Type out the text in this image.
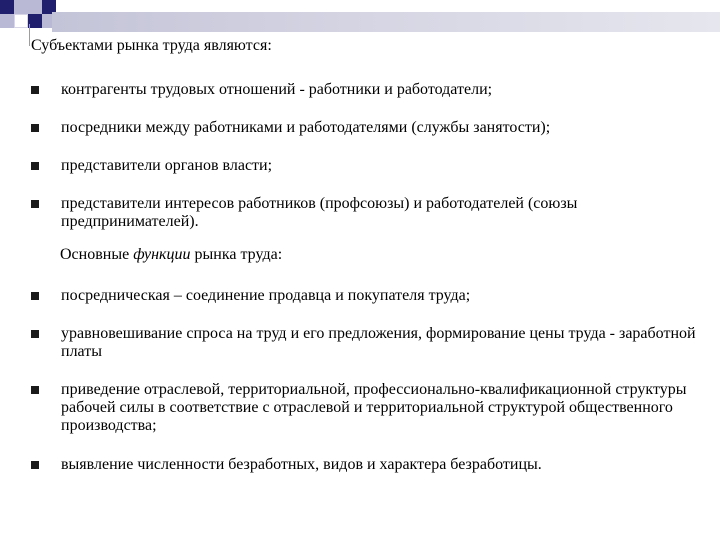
Субъектами рынка труда являются:
контрагенты трудовых отношений - работники и работодатели;
посредники между работниками и работодателями (службы занятости);
представители органов власти;
представители интересов работников (профсоюзы) и работодателей (союзы предпринимателей).
Основные функции рынка труда:
посредническая – соединение продавца и покупателя труда;
уравновешивание спроса на труд и его предложения, формирование цены труда - заработной платы
приведение отраслевой, территориальной, профессионально-квалификационной структуры рабочей силы в соответствие с отраслевой и территориальной структурой общественного производства;
выявление численности безработных, видов и характера безработицы.
